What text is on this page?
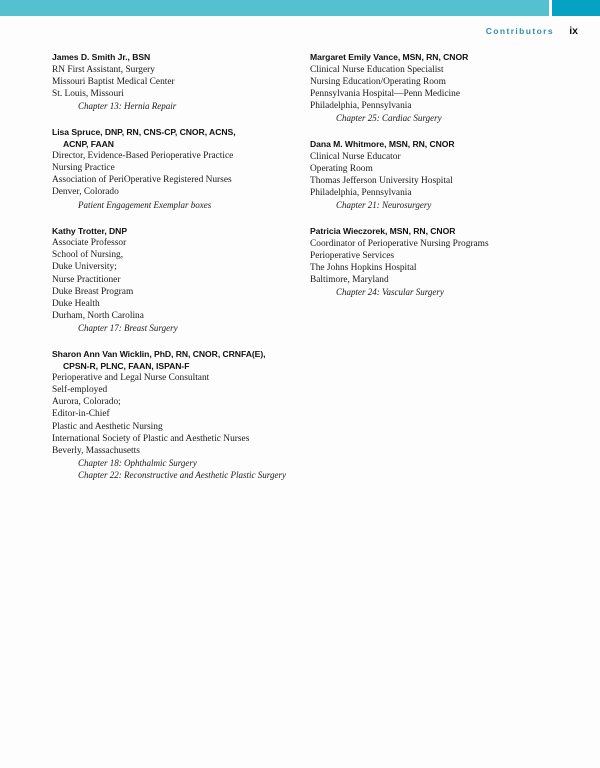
Contributors ix
James D. Smith Jr., BSN
RN First Assistant, Surgery
Missouri Baptist Medical Center
St. Louis, Missouri
Chapter 13: Hernia Repair
Lisa Spruce, DNP, RN, CNS-CP, CNOR, ACNS,
ACNP, FAAN
Director, Evidence-Based Perioperative Practice
Nursing Practice
Association of PeriOperative Registered Nurses
Denver, Colorado
Patient Engagement Exemplar boxes
Kathy Trotter, DNP
Associate Professor
School of Nursing,
Duke University;
Nurse Practitioner
Duke Breast Program
Duke Health
Durham, North Carolina
Chapter 17: Breast Surgery
Sharon Ann Van Wicklin, PhD, RN, CNOR, CRNFA(E),
CPSN-R, PLNC, FAAN, ISPAN-F
Perioperative and Legal Nurse Consultant
Self-employed
Aurora, Colorado;
Editor-in-Chief
Plastic and Aesthetic Nursing
International Society of Plastic and Aesthetic Nurses
Beverly, Massachusetts
Chapter 18: Ophthalmic Surgery
Chapter 22: Reconstructive and Aesthetic Plastic Surgery
Margaret Emily Vance, MSN, RN, CNOR
Clinical Nurse Education Specialist
Nursing Education/Operating Room
Pennsylvania Hospital—Penn Medicine
Philadelphia, Pennsylvania
Chapter 25: Cardiac Surgery
Dana M. Whitmore, MSN, RN, CNOR
Clinical Nurse Educator
Operating Room
Thomas Jefferson University Hospital
Philadelphia, Pennsylvania
Chapter 21: Neurosurgery
Patricia Wieczorek, MSN, RN, CNOR
Coordinator of Perioperative Nursing Programs
Perioperative Services
The Johns Hopkins Hospital
Baltimore, Maryland
Chapter 24: Vascular Surgery
